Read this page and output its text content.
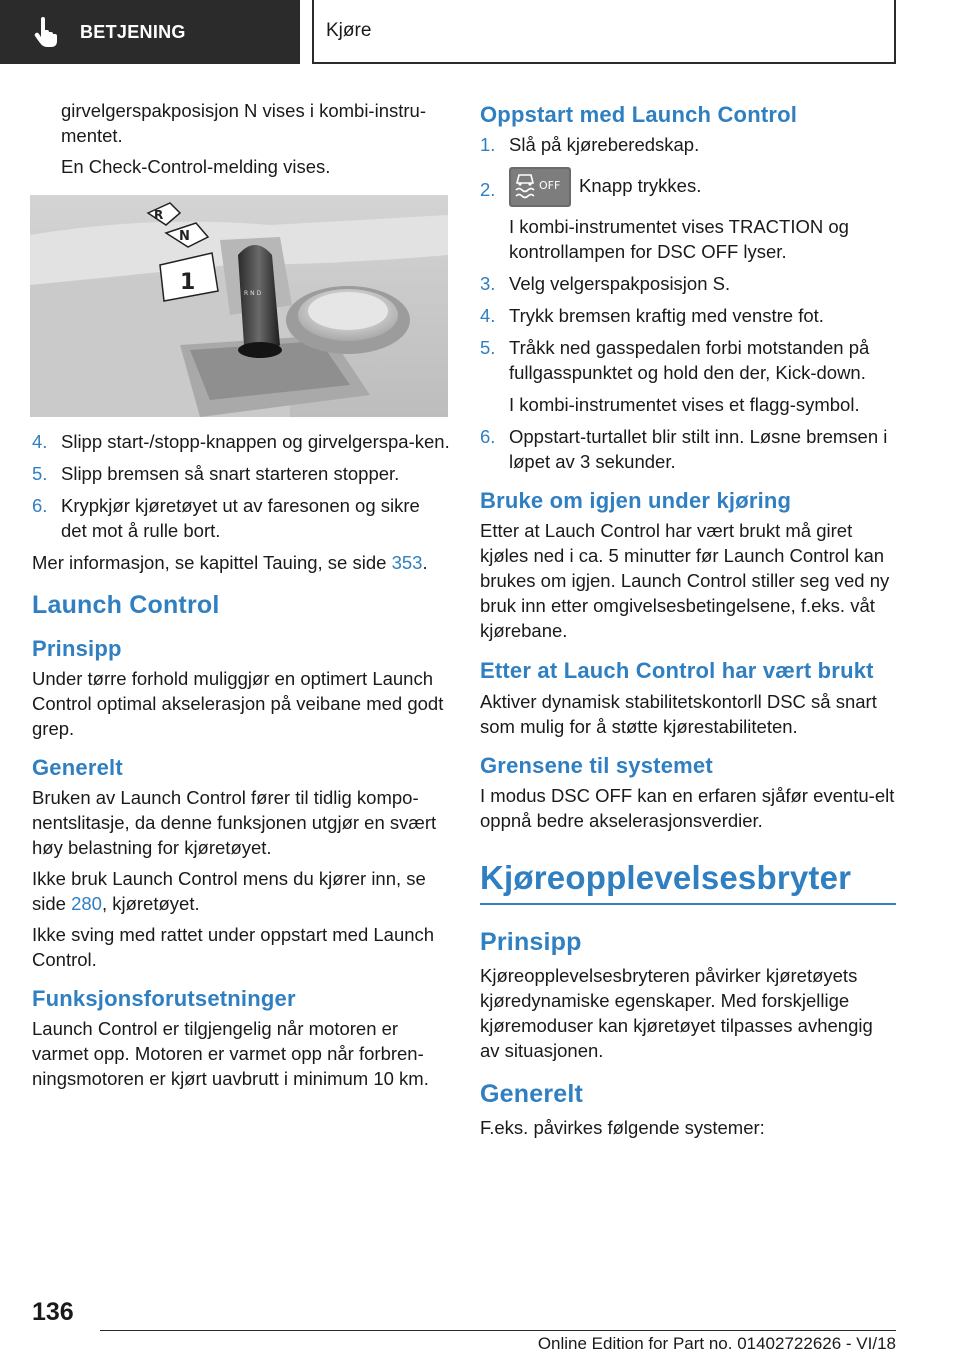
BETJENING	Kjøre

girvelgerspakposisjon N vises i kombi-instru-mentet.

En Check-Control-melding vises.

R N D
R
N
1
4. Slipp start-/stopp-knappen og girvelgerspa-ken.
5. Slipp bremsen så snart starteren stopper.
6. Krypkjør kjøretøyet ut av faresonen og sikre det mot å rulle bort.

Mer informasjon, se kapittel Tauing, se side 353.

Launch Control
Prinsipp

Under tørre forhold muliggjør en optimert Launch Control optimal akselerasjon på veibane med godt grep.

Generelt

Bruken av Launch Control fører til tidlig kompo-nentslitasje, da denne funksjonen utgjør en svært høy belastning for kjøretøyet.

Ikke bruk Launch Control mens du kjører inn, se side 280, kjøretøyet.

Ikke sving med rattet under oppstart med Launch Control.

Funksjonsforutsetninger

Launch Control er tilgjengelig når motoren er varmet opp. Motoren er varmet opp når forbren-ningsmotoren er kjørt uavbrutt i minimum 10 km.

Oppstart med Launch Control
1. Slå på kjøreberedskap.
2.	OFF Knapp trykkes.
I kombi-instrumentet vises TRACTION og kontrollampen for DSC OFF lyser.
3. Velg velgerspakposisjon S.
4. Trykk bremsen kraftig med venstre fot.
5. Tråkk ned gasspedalen forbi motstanden på fullgasspunktet og hold den der, Kick-down.
I kombi-instrumentet vises et flagg-symbol.
6. Oppstart-turtallet blir stilt inn. Løsne bremsen i løpet av 3 sekunder.
Bruke om igjen under kjøring

Etter at Lauch Control har vært brukt må giret kjøles ned i ca. 5 minutter før Launch Control kan brukes om igjen. Launch Control stiller seg ved ny bruk inn etter omgivelsesbetingelsene, f.eks. våt kjørebane.

Etter at Lauch Control har vært brukt

Aktiver dynamisk stabilitetskontorll DSC så snart som mulig for å støtte kjørestabiliteten.

Grensene til systemet

I modus DSC OFF kan en erfaren sjåfør eventu-elt oppnå bedre akselerasjonsverdier.

Kjøreopplevelsesbryter
Prinsipp

Kjøreopplevelsesbryteren påvirker kjøretøyets kjøredynamiske egenskaper. Med forskjellige kjøremoduser kan kjøretøyet tilpasses avhengig av situasjonen.

Generelt

F.eks. påvirkes følgende systemer:

136
Online Edition for Part no. 01402722626 - VI/18
